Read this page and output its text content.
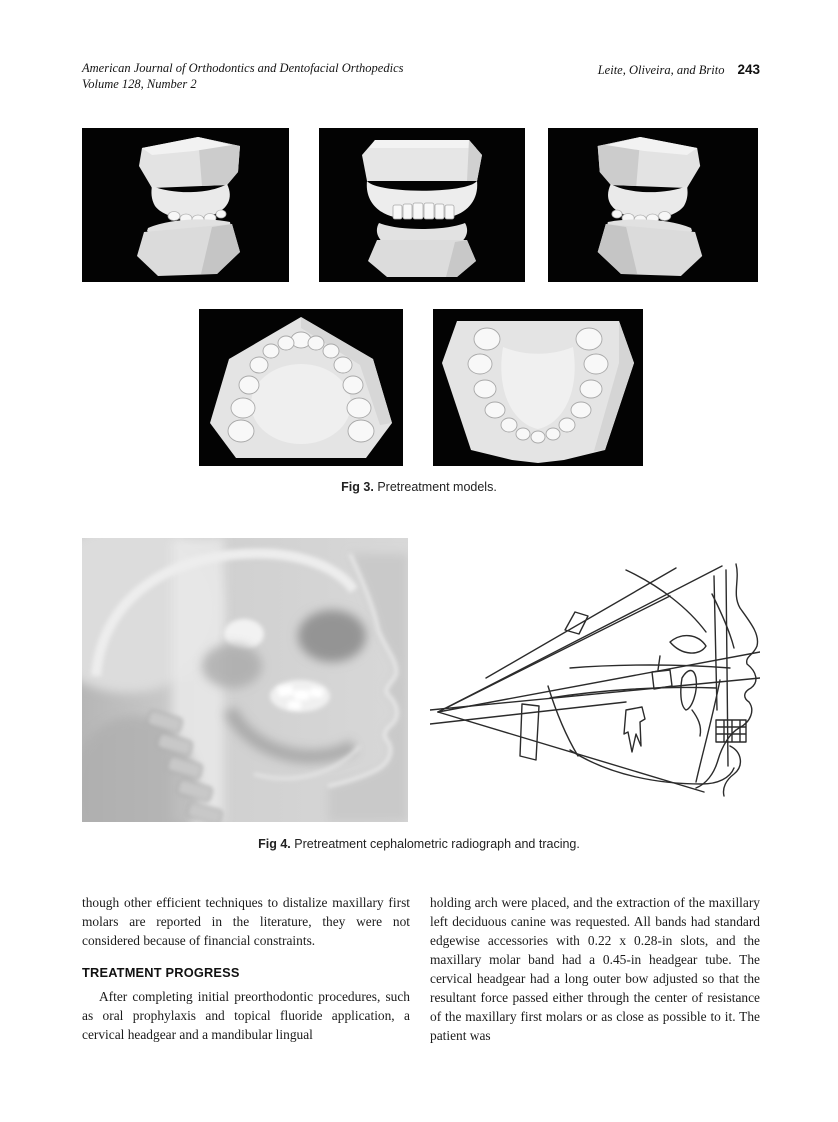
American Journal of Orthodontics and Dentofacial Orthopedics
Volume 128, Number 2
Leite, Oliveira, and Brito 243
Fig 3. Pretreatment models.
Fig 4. Pretreatment cephalometric radiograph and tracing.

though other efficient techniques to distalize maxillary first molars are reported in the literature, they were not considered because of financial constraints.

TREATMENT PROGRESS

After completing initial preorthodontic procedures, such as oral prophylaxis and topical fluoride application, a cervical headgear and a mandibular lingual

holding arch were placed, and the extraction of the maxillary left deciduous canine was requested. All bands had standard edgewise accessories with 0.22 x 0.28-in slots, and the maxillary molar band had a 0.45-in headgear tube. The cervical headgear had a long outer bow adjusted so that the resultant force passed either through the center of resistance of the maxillary first molars or as close as possible to it. The patient was
